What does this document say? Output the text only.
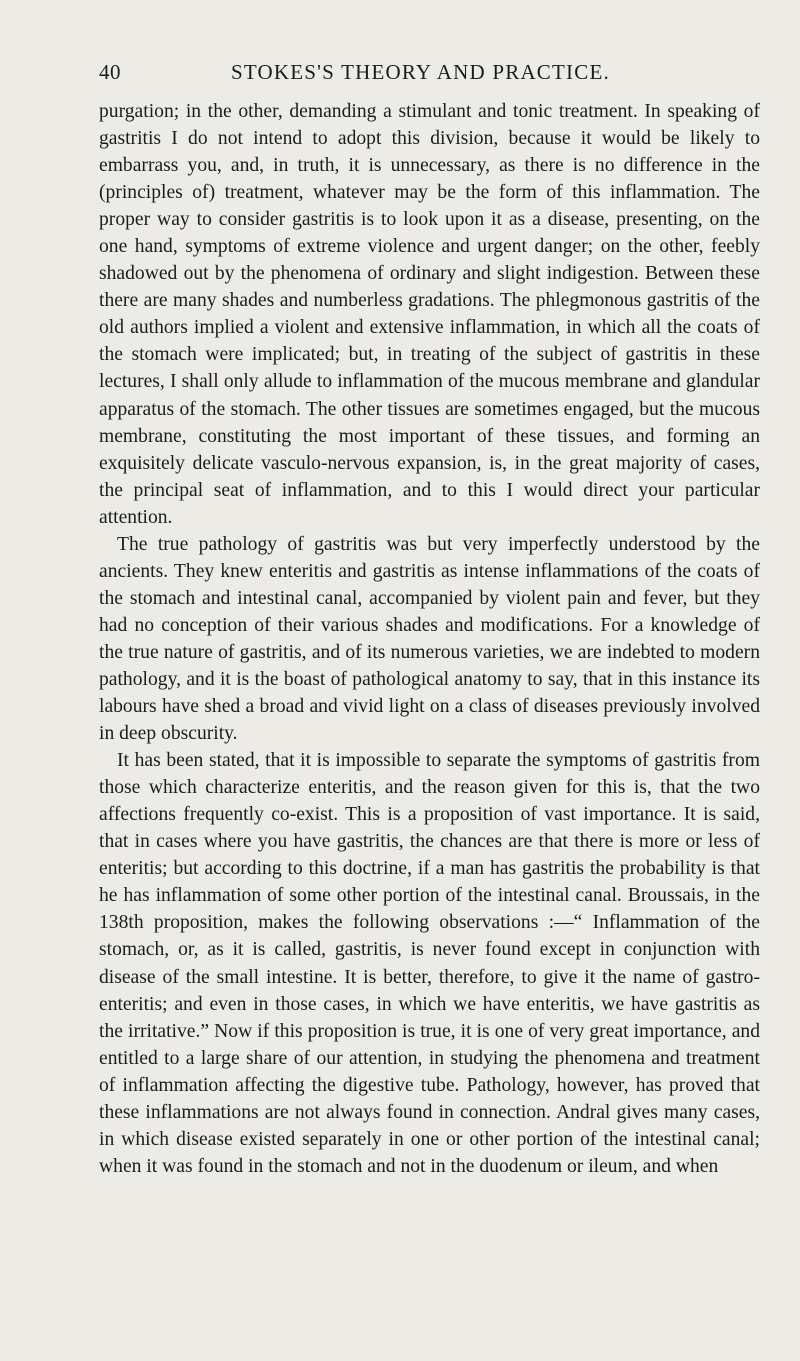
40	STOKES'S THEORY AND PRACTICE.

purgation; in the other, demanding a stimulant and tonic treatment. In speaking of gastritis I do not intend to adopt this division, because it would be likely to embarrass you, and, in truth, it is unnecessary, as there is no difference in the (principles of) treatment, whatever may be the form of this inflammation. The proper way to consider gastritis is to look upon it as a disease, presenting, on the one hand, symptoms of extreme violence and urgent danger; on the other, feebly shadowed out by the phenomena of ordinary and slight indigestion. Between these there are many shades and numberless gradations. The phlegmonous gastritis of the old authors implied a violent and extensive inflammation, in which all the coats of the stomach were implicated; but, in treating of the subject of gastritis in these lectures, I shall only allude to inflammation of the mucous membrane and glandular apparatus of the stomach. The other tissues are sometimes engaged, but the mucous membrane, constituting the most important of these tissues, and forming an exquisitely delicate vasculo-nervous expansion, is, in the great majority of cases, the principal seat of inflammation, and to this I would direct your particular attention.

The true pathology of gastritis was but very imperfectly understood by the ancients. They knew enteritis and gastritis as intense inflammations of the coats of the stomach and intestinal canal, accompanied by violent pain and fever, but they had no conception of their various shades and modifications. For a knowledge of the true nature of gastritis, and of its numerous varieties, we are indebted to modern pathology, and it is the boast of pathological anatomy to say, that in this instance its labours have shed a broad and vivid light on a class of diseases previously involved in deep obscurity.

It has been stated, that it is impossible to separate the symptoms of gastritis from those which characterize enteritis, and the reason given for this is, that the two affections frequently co-exist. This is a proposition of vast importance. It is said, that in cases where you have gastritis, the chances are that there is more or less of enteritis; but according to this doctrine, if a man has gastritis the probability is that he has inflammation of some other portion of the intestinal canal. Broussais, in the 138th proposition, makes the following observations :—“ Inflammation of the stomach, or, as it is called, gastritis, is never found except in conjunction with disease of the small intestine. It is better, therefore, to give it the name of gastro-enteritis; and even in those cases, in which we have enteritis, we have gastritis as the irritative.” Now if this proposition is true, it is one of very great importance, and entitled to a large share of our attention, in studying the phenomena and treatment of inflammation affecting the digestive tube. Pathology, however, has proved that these inflammations are not always found in connection. Andral gives many cases, in which disease existed separately in one or other portion of the intestinal canal; when it was found in the stomach and not in the duodenum or ileum, and when
